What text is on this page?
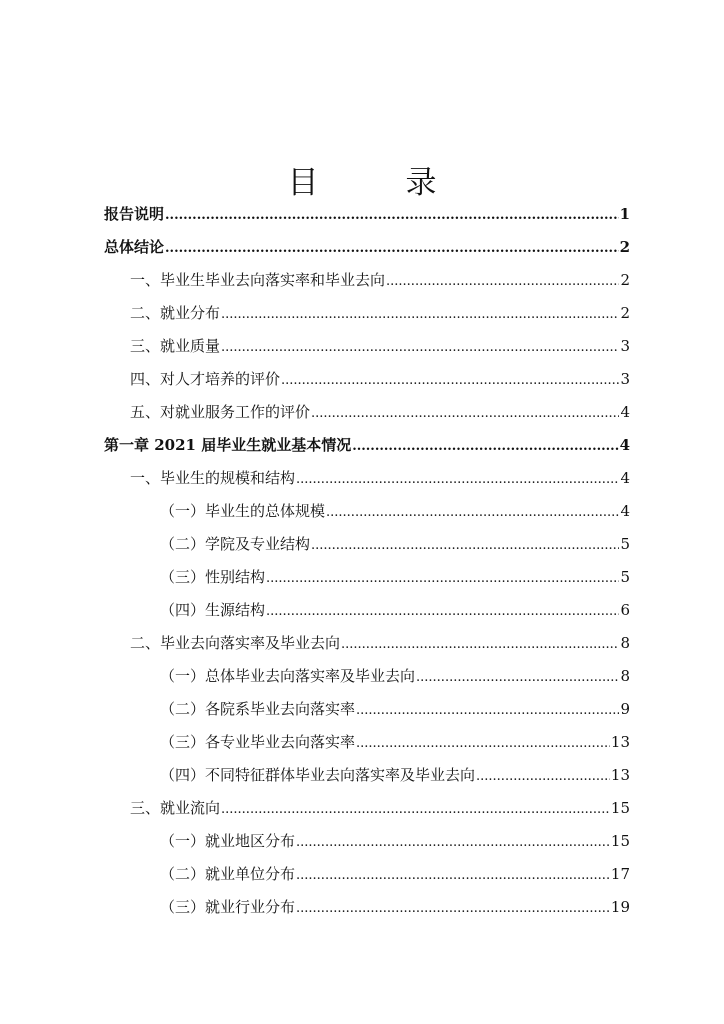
目　录
报告说明 .....	1
总体结论 .....	2
一、毕业生毕业去向落实率和毕业去向 .....	2
二、就业分布 .....	2
三、就业质量 .....	3
四、对人才培养的评价 .....	3
五、对就业服务工作的评价 .....	4
第一章 2021 届毕业生就业基本情况 .....	4
一、毕业生的规模和结构 .....	4
（一）毕业生的总体规模 .....	4
（二）学院及专业结构 .....	5
（三）性别结构 .....	5
（四）生源结构 .....	6
二、毕业去向落实率及毕业去向 .....	8
（一）总体毕业去向落实率及毕业去向 .....	8
（二）各院系毕业去向落实率 .....	9
（三）各专业毕业去向落实率 .....	13
（四）不同特征群体毕业去向落实率及毕业去向 .....	13
三、就业流向 .....	15
（一）就业地区分布 .....	15
（二）就业单位分布 .....	17
（三）就业行业分布 .....	19
